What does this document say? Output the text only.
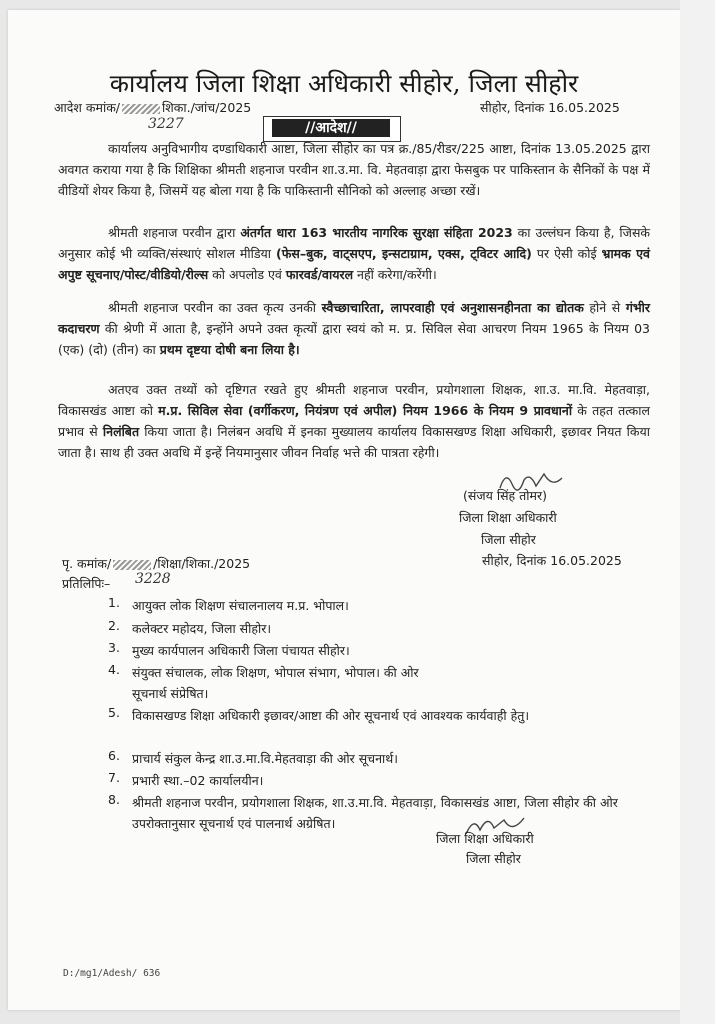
कार्यालय जिला शिक्षा अधिकारी सीहोर, जिला सीहोर
आदेश कमांक/	शिका./जांच/2025
3227
सीहोर, दिनांक 16.05.2025
//आदेश//
कार्यालय अनुविभागीय दण्डाधिकारी आष्टा, जिला सीहोर का पत्र क्र./85/रीडर/225 आष्टा, दिनांक 13.05.2025 द्वारा अवगत कराया गया है कि शिक्षिका श्रीमती शहनाज परवीन शा.उ.मा. वि. मेहतवाड़ा द्वारा फेसबुक पर पाकिस्तान के सैनिकों के पक्ष में वीडियों शेयर किया है, जिसमें यह बोला गया है कि पाकिस्तानी सौनिको को अल्लाह अच्छा रखें।
श्रीमती शहनाज परवीन द्वारा अंतर्गत धारा 163 भारतीय नागरिक सुरक्षा संहिता 2023 का उल्लंघन किया है, जिसके अनुसार कोई भी व्यक्ति/संस्थाएं सोशल मीडिया (फेस–बुक, वाट्सएप, इन्सटाग्राम, एक्स, ट्विटर आदि) पर ऐसी कोई भ्रामक एवं अपुष्ट सूचनाए/पोस्ट/वीडियो/रील्स को अपलोड एवं फारवर्ड/वायरल नहीं करेगा/करेंगी।
श्रीमती शहनाज परवीन का उक्त कृत्य उनकी स्वैच्छाचारिता, लापरवाही एवं अनुशासनहीनता का द्योतक होने से गंभीर कदाचरण की श्रेणी में आता है, इन्होंने अपने उक्त कृत्यों द्वारा स्वयं को म. प्र. सिविल सेवा आचरण नियम 1965 के नियम 03 (एक) (दो) (तीन) का प्रथम दृष्टया दोषी बना लिया है।
अतएव उक्त तथ्यों को दृष्टिगत रखते हुए श्रीमती शहनाज परवीन, प्रयोगशाला शिक्षक, शा.उ. मा.वि. मेहतवाड़ा, विकासखंड आष्टा को म.प्र. सिविल सेवा (वर्गीकरण, नियंत्रण एवं अपील) नियम 1966 के नियम 9 प्रावधानों के तहत तत्काल प्रभाव से निलंबित किया जाता है। निलंबन अवधि में इनका मुख्यालय कार्यालय विकासखण्ड शिक्षा अधिकारी, इछावर नियत किया जाता है। साथ ही उक्त अवधि में इन्हें नियमानुसार जीवन निर्वाह भत्ते की पात्रता रहेगी।
(संजय सिंह तोमर)
जिला शिक्षा अधिकारी
जिला सीहोर
सीहोर, दिनांक 16.05.2025
पृ. कमांक/	/शिक्षा/शिका./2025
3228
प्रतिलिपिः–
1. आयुक्त लोक शिक्षण संचालनालय म.प्र. भोपाल।
2. कलेक्टर महोदय, जिला सीहोर।
3. मुख्य कार्यपालन अधिकारी जिला पंचायत सीहोर।
4. संयुक्त संचालक, लोक शिक्षण, भोपाल संभाग, भोपाल। की ओर सूचनार्थ संप्रेषित।
5. विकासखण्ड शिक्षा अधिकारी इछावर/आष्टा की ओर सूचनार्थ एवं आवश्यक कार्यवाही हेतु।
6. प्राचार्य संकुल केन्द्र शा.उ.मा.वि.मेहतवाड़ा की ओर सूचनार्थ।
7. प्रभारी स्था.–02 कार्यालयीन।
8. श्रीमती शहनाज परवीन, प्रयोगशाला शिक्षक, शा.उ.मा.वि. मेहतवाड़ा, विकासखंड आष्टा, जिला सीहोर की ओर उपरोक्तानुसार सूचनार्थ एवं पालनार्थ अग्रेषित।
जिला शिक्षा अधिकारी
जिला सीहोर
D:/mg1/Adesh/ 636
